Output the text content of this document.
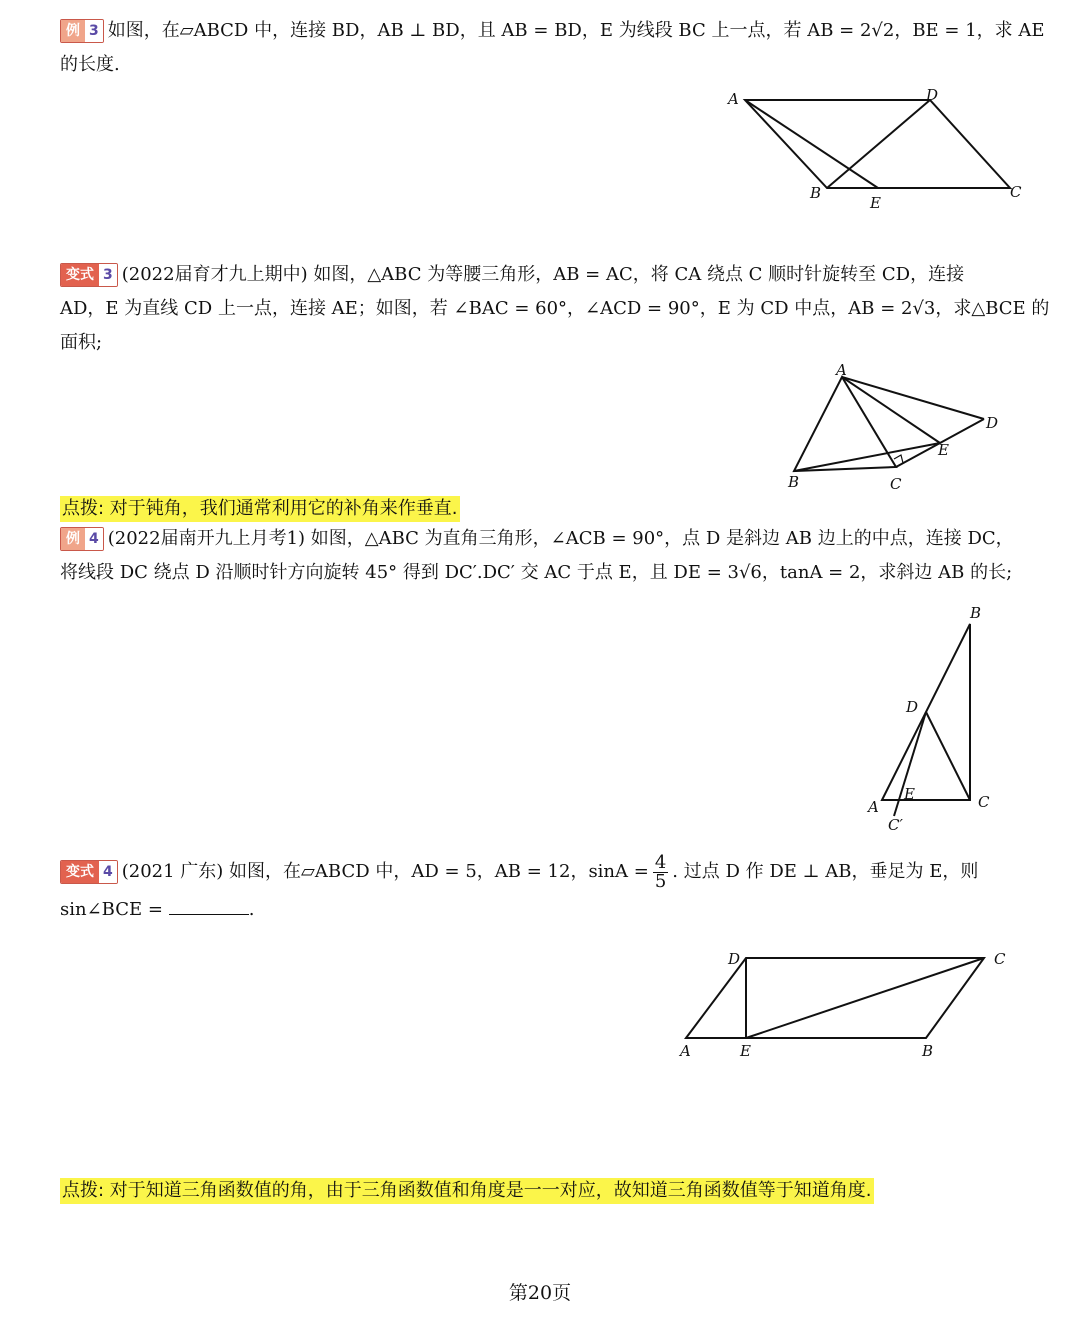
例 3 如图，在▱ABCD 中，连接 BD，AB ⊥ BD，且 AB = BD，E 为线段 BC 上一点，若 AB = 2√2，BE = 1，求 AE
的长度.
A	D
B
E
C
变式 3 (2022届育才九上期中) 如图，△ABC 为等腰三角形，AB = AC，将 CA 绕点 C 顺时针旋转至 CD，连接
AD，E 为直线 CD 上一点，连接 AE；如图，若 ∠BAC = 60°，∠ACD = 90°，E 为 CD 中点，AB = 2√3，求△BCE 的
面积;
A
B	C
D
E
点拨: 对于钝角，我们通常利用它的补角来作垂直.
例 4 (2022届南开九上月考1) 如图，△ABC 为直角三角形，∠ACB = 90°，点 D 是斜边 AB 边上的中点，连接 DC，
将线段 DC 绕点 D 沿顺时针方向旋转 45° 得到 DC′.DC′ 交 AC 于点 E，且 DE = 3√6，tanA = 2，求斜边 AB 的长;
B
D
A
E	C
C′
变式 4 (2021 广东) 如图，在▱ABCD 中，AD = 5，AB = 12，$\sin A = \frac{4}{5}$ . 过点 D 作 DE ⊥ AB，垂足为 E，则
sin∠BCE =	.
D	C
A	E	B
点拨: 对于知道三角函数值的角，由于三角函数值和角度是一一对应，故知道三角函数值等于知道角度.
第20页
